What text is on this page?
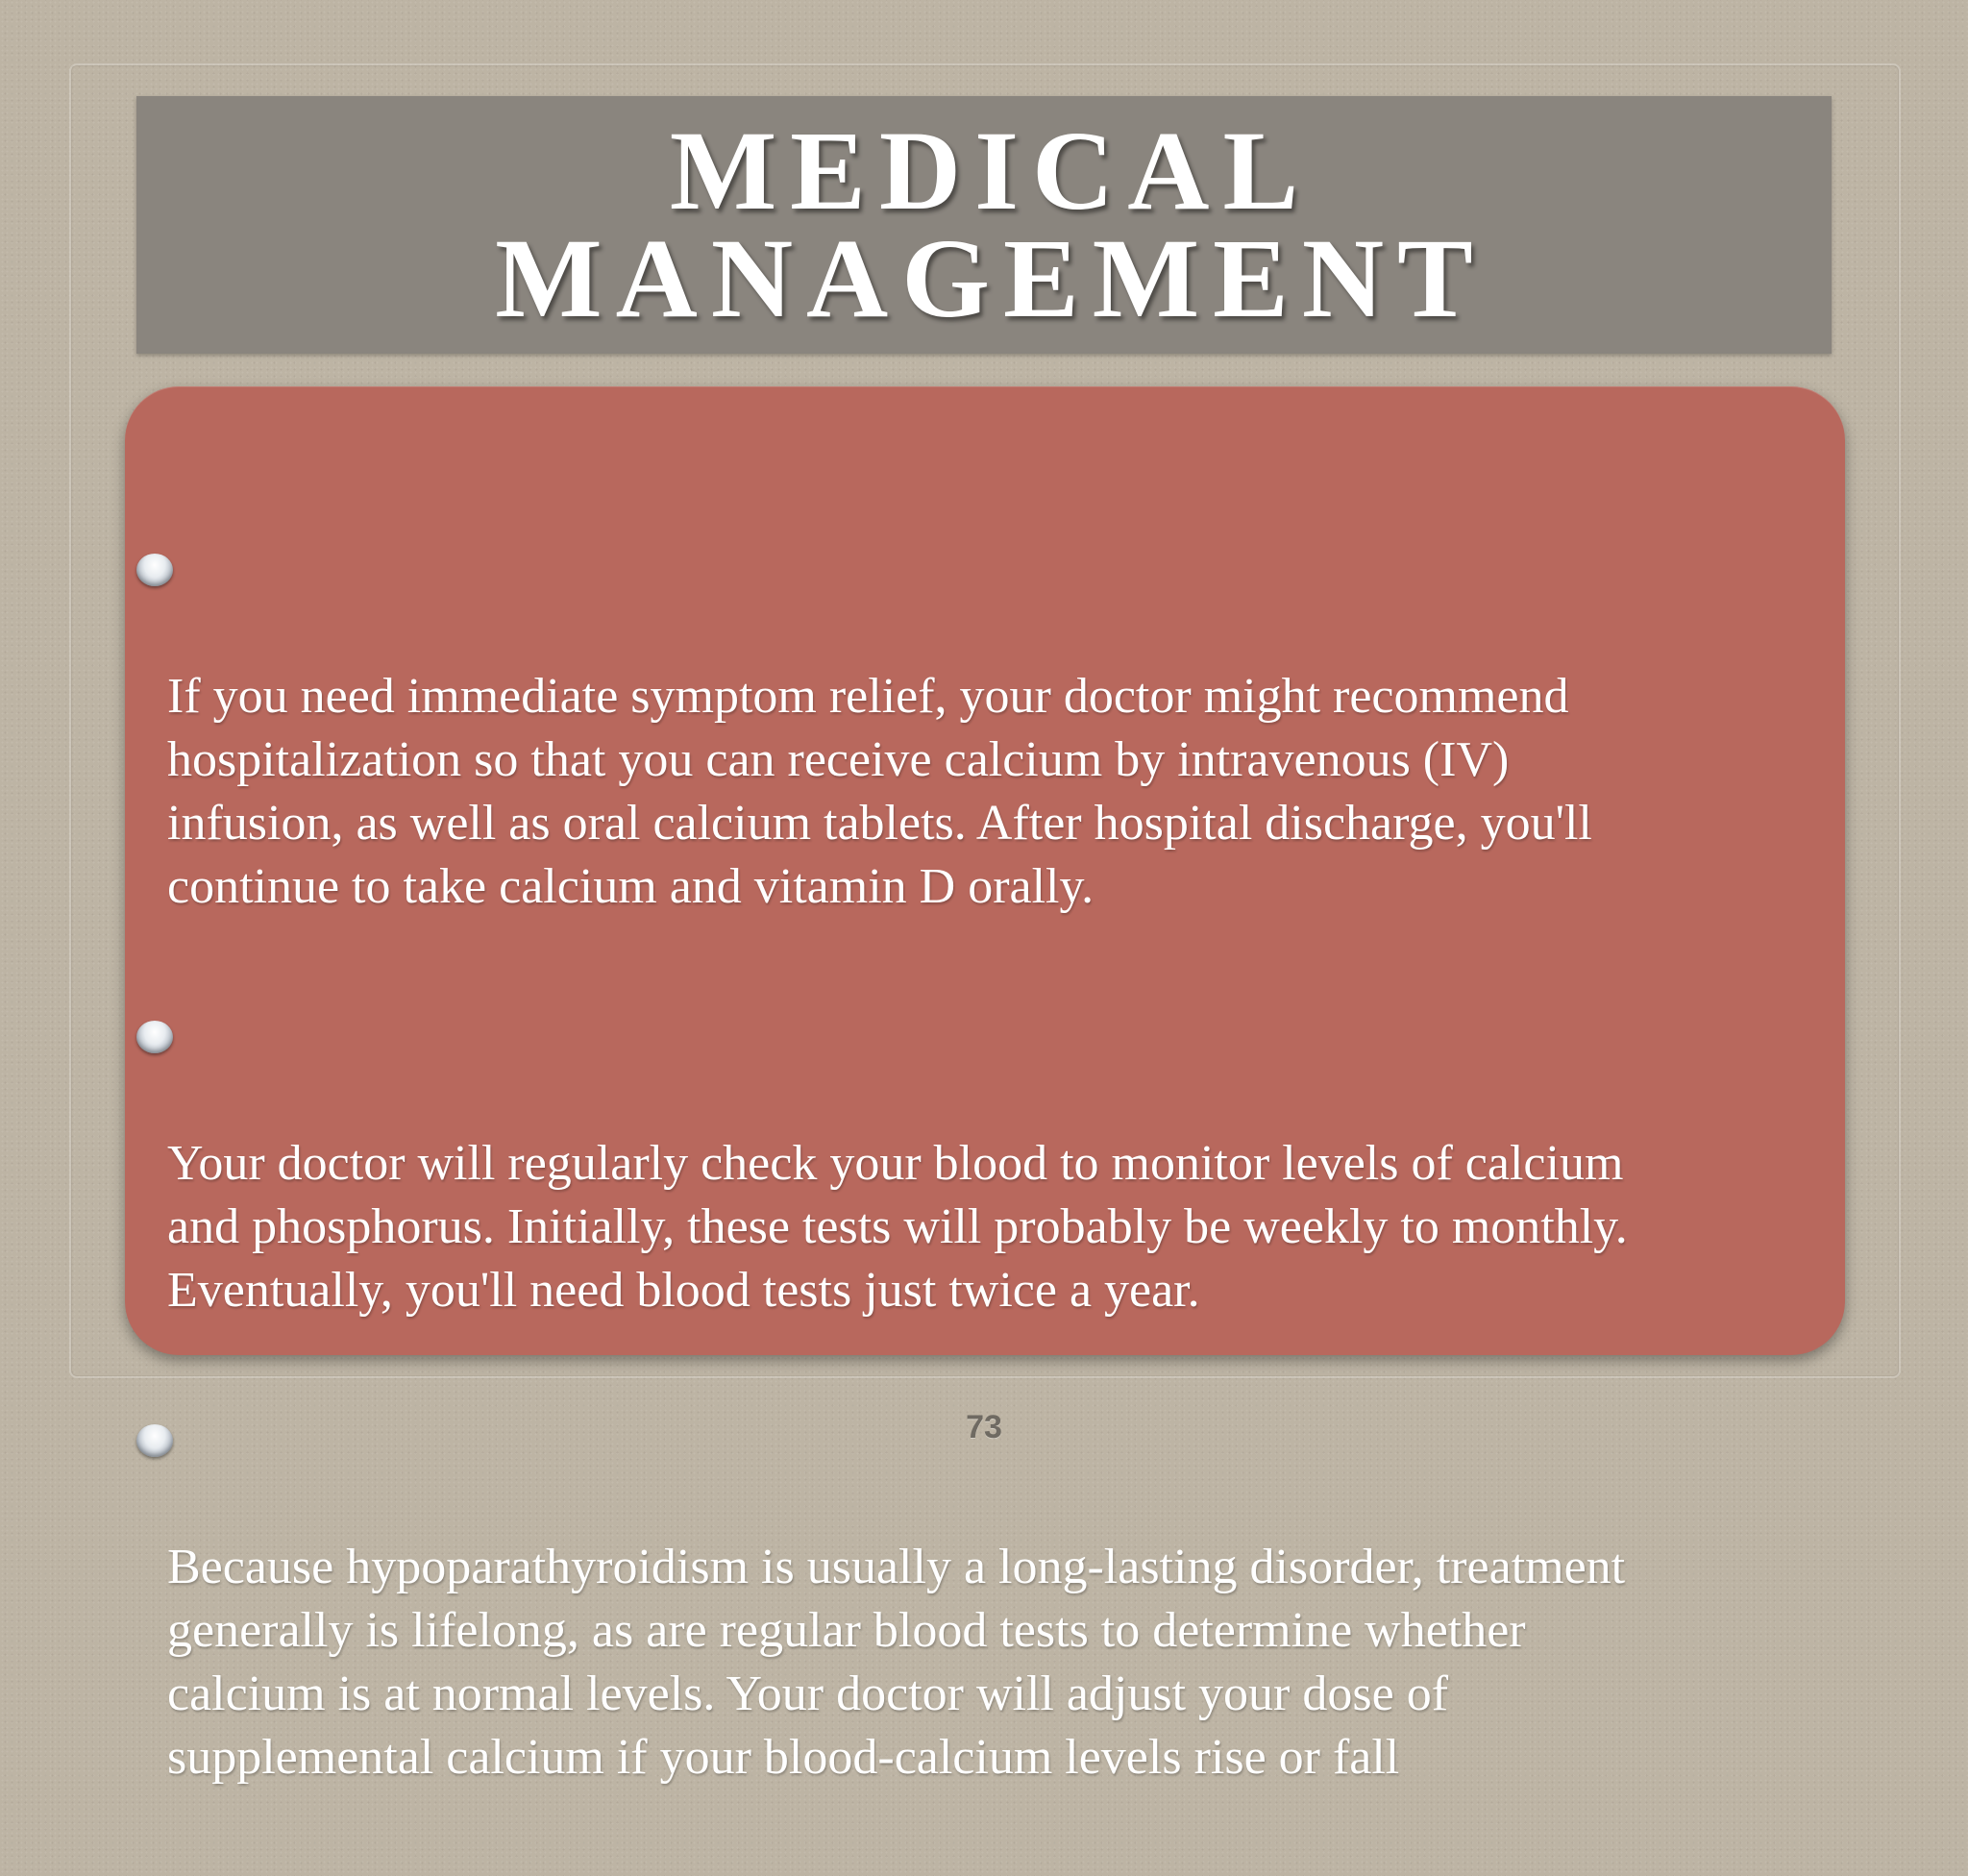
MEDICAL
MANAGEMENT

If you need immediate symptom relief, your doctor might recommend
hospitalization so that you can receive calcium by intravenous (IV)
infusion, as well as oral calcium tablets. After hospital discharge, you'll
continue to take calcium and vitamin D orally.

Your doctor will regularly check your blood to monitor levels of calcium
and phosphorus. Initially, these tests will probably be weekly to monthly.
Eventually, you'll need blood tests just twice a year.

Because hypoparathyroidism is usually a long-lasting disorder, treatment
generally is lifelong, as are regular blood tests to determine whether
calcium is at normal levels. Your doctor will adjust your dose of
supplemental calcium if your blood-calcium levels rise or fall

73
